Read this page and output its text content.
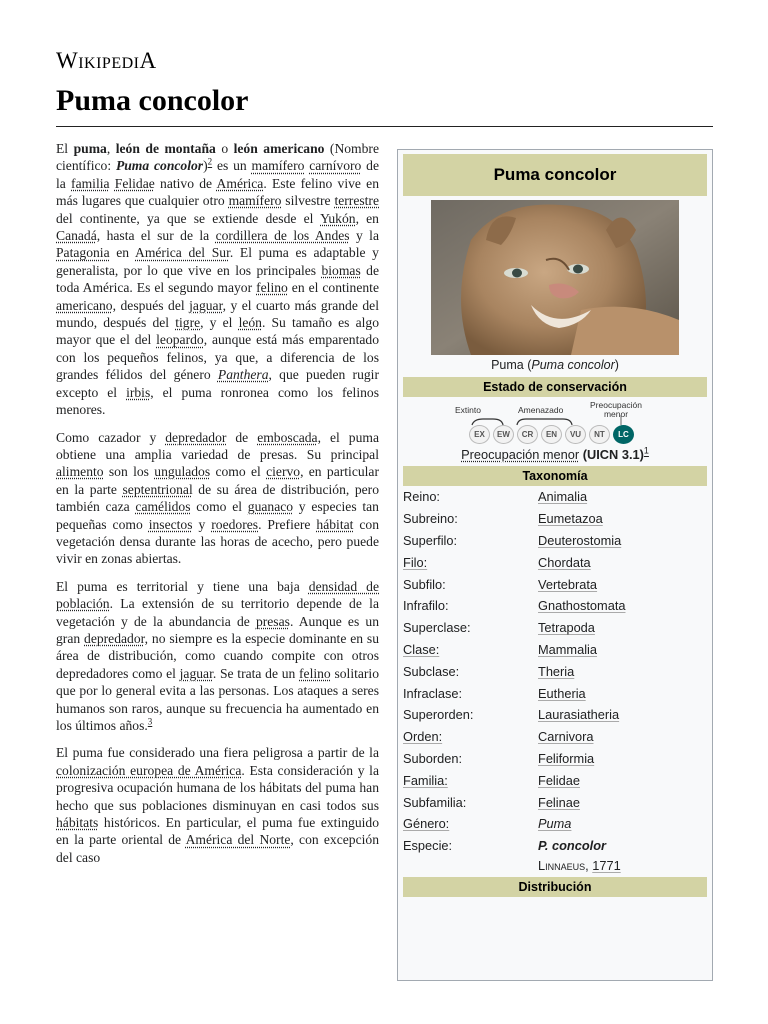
WikipediA
Puma concolor

El puma, león de montaña o león americano (Nombre científico: Puma concolor)$^2$ es un mamífero carnívoro de la familia Felidae nativo de América. Este felino vive en más lugares que cualquier otro mamífero silvestre terrestre del continente, ya que se extiende desde el Yukón, en Canadá, hasta el sur de la cordillera de los Andes y la Patagonia en América del Sur. El puma es adaptable y generalista, por lo que vive en los principales biomas de toda América. Es el segundo mayor felino en el continente americano, después del jaguar, y el cuarto más grande del mundo, después del tigre, y el león. Su tamaño es algo mayor que el del leopardo, aunque está más emparentado con los pequeños felinos, ya que, a diferencia de los grandes félidos del género Panthera, que pueden rugir excepto el irbis, el puma ronronea como los felinos menores.

Como cazador y depredador de emboscada, el puma obtiene una amplia variedad de presas. Su principal alimento son los ungulados como el ciervo, en particular en la parte septentrional de su área de distribución, pero también caza camélidos como el guanaco y especies tan pequeñas como insectos y roedores. Prefiere hábitat con vegetación densa durante las horas de acecho, pero puede vivir en zonas abiertas.

El puma es territorial y tiene una baja densidad de población. La extensión de su territorio depende de la vegetación y de la abundancia de presas. Aunque es un gran depredador, no siempre es la especie dominante en su área de distribución, como cuando compite con otros depredadores como el jaguar. Se trata de un felino solitario que por lo general evita a las personas. Los ataques a seres humanos son raros, aunque su frecuencia ha aumentado en los últimos años.$^3$

El puma fue considerado una fiera peligrosa a partir de la colonización europea de América. Esta consideración y la progresiva ocupación humana de los hábitats del puma han hecho que sus poblaciones disminuyan en casi todos sus hábitats históricos. En particular, el puma fue extinguido en la parte oriental de América del Norte, con excepción del caso

Puma concolor
Puma (Puma concolor)
Estado de conservación
Extinto	Amenazado	Preocupación menor
EX	EW	CR	EN	VU	NT	LC
Preocupación menor (UICN 3.1)$^1$
Taxonomía
Reino:	Animalia
Subreino:	Eumetazoa
Superfilo:	Deuterostomia
Filo:	Chordata
Subfilo:	Vertebrata
Infrafilo:	Gnathostomata
Superclase:	Tetrapoda
Clase:	Mammalia
Subclase:	Theria
Infraclase:	Eutheria
Superorden:	Laurasiatheria
Orden:	Carnivora
Suborden:	Feliformia
Familia:	Felidae
Subfamilia:	Felinae
Género:	Puma
Especie:	P. concolor
Linnaeus, 1771
Distribución
